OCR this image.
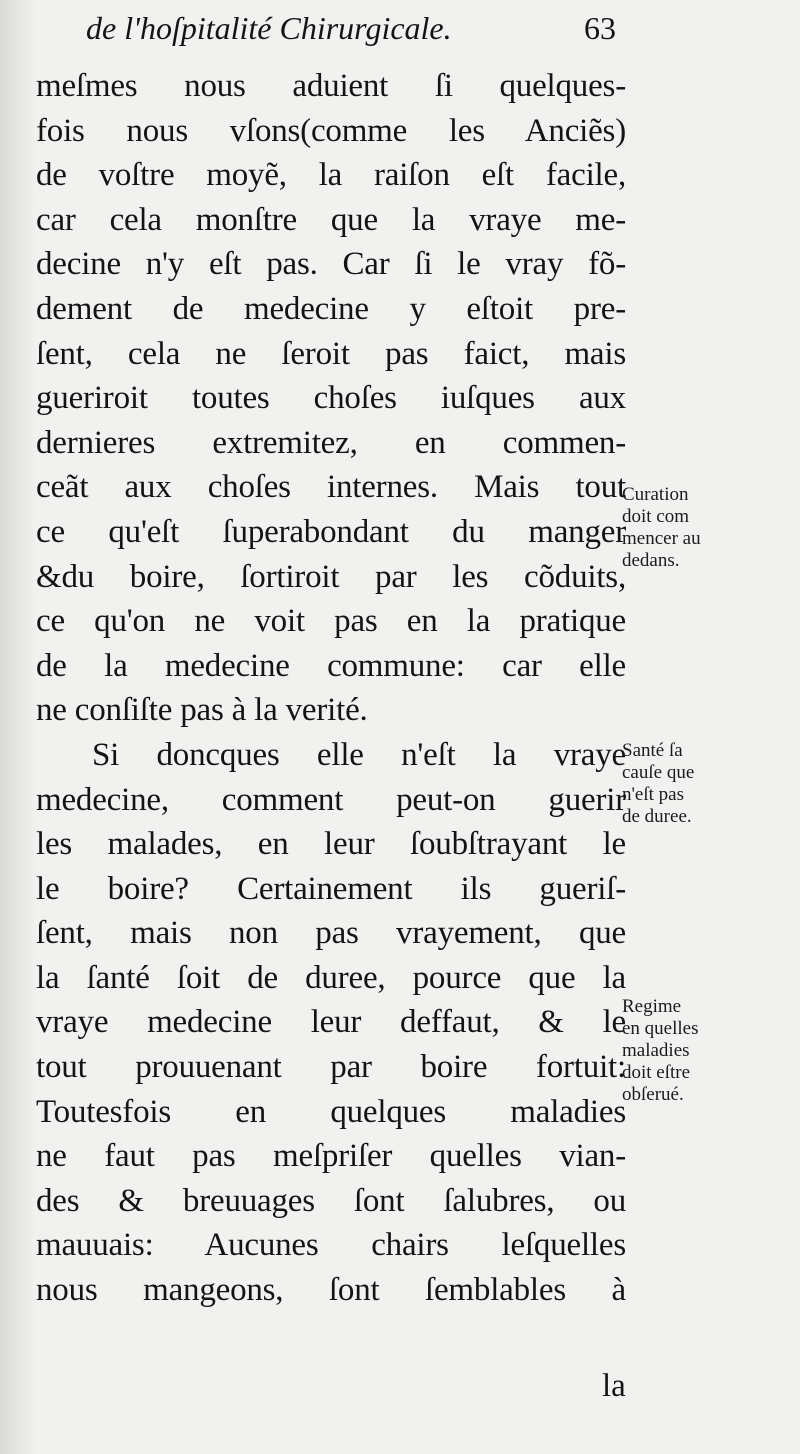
de l'hoſpitalité Chirurgicale.	63
meſmes nous aduient ſi quelques-
fois nous vſons(comme les Anciẽs)
de voſtre moyẽ, la raiſon eſt facile,
car cela monſtre que la vraye me-
decine n'y eſt pas. Car ſi le vray fõ-
dement de medecine y eſtoit pre-
ſent, cela ne ſeroit pas faict, mais
gueriroit toutes choſes iuſques aux
dernieres extremitez, en commen-
ceãt aux choſes internes. Mais tout
ce qu'eſt ſuperabondant du manger
&du boire, ſortiroit par les cõduits,
ce qu'on ne voit pas en la pratique
de la medecine commune: car elle
ne conſiſte pas à la verité.
Si doncques elle n'eſt la vraye
medecine, comment peut-on guerir
les malades, en leur ſoubſtrayant le
le boire? Certainement ils gueriſ-
ſent, mais non pas vrayement, que
la ſanté ſoit de duree, pource que la
vraye medecine leur deffaut, & le
tout prouuenant par boire fortuit:
Toutesfois en quelques maladies
ne faut pas meſpriſer quelles vian-
des & breuuages ſont ſalubres, ou
mauuais: Aucunes chairs leſquelles
nous mangeons, ſont ſemblables à
Curation
doit com
mencer au
dedans.
Santé ſa
cauſe que
n'eſt pas
de duree.
Regime
en quelles
maladies
doit eſtre
obſerué.
la
